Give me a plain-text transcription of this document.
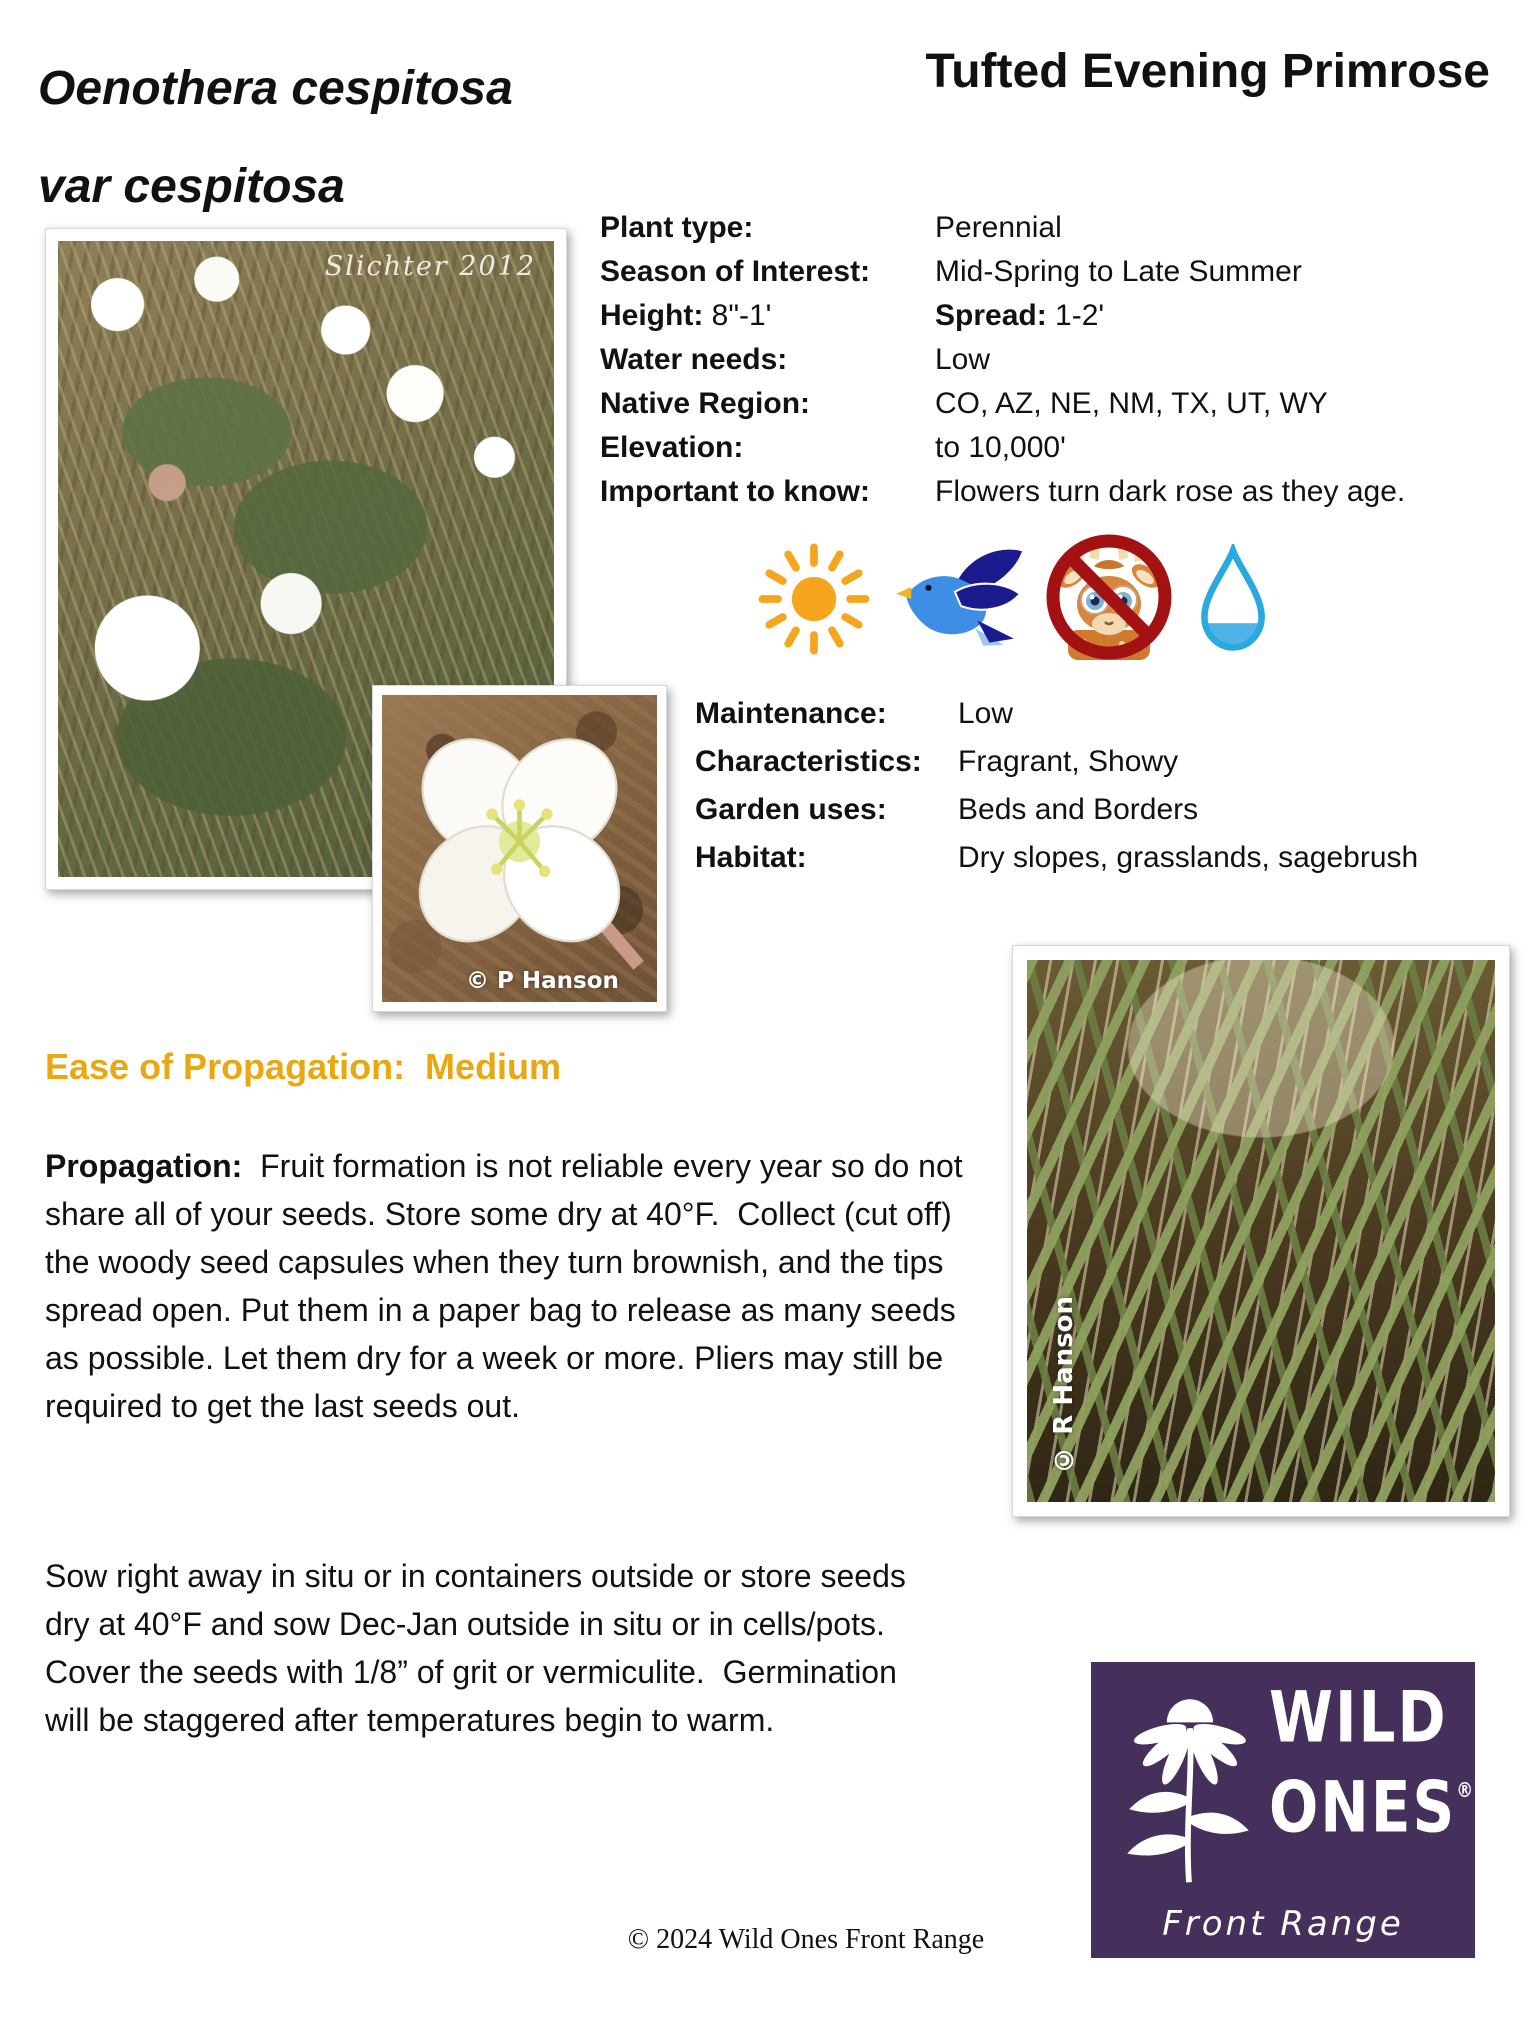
Oenothera cespitosa
var cespitosa
Tufted Evening Primrose
Slichter 2012
Plant type:	Perennial
Season of Interest:	Mid-Spring to Late Summer
Height: 8"-1'	Spread: 1-2'
Water needs:	Low
Native Region:	CO, AZ, NE, NM, TX, UT, WY
Elevation:	to 10,000'
Important to know:	Flowers turn dark rose as they age.
Maintenance:	Low
Characteristics:	Fragrant, Showy
Garden uses:	Beds and Borders
Habitat:	Dry slopes, grasslands, sagebrush
© P Hanson
Ease of Propagation:  Medium
Propagation:  Fruit formation is not reliable every year so do not share all of your seeds. Store some dry at 40°F.  Collect (cut off) the woody seed capsules when they turn brownish, and the tips spread open. Put them in a paper bag to release as many seeds as possible. Let them dry for a week or more. Pliers may still be required to get the last seeds out.
Sow right away in situ or in containers outside or store seeds dry at 40°F and sow Dec-Jan outside in situ or in cells/pots. Cover the seeds with 1/8” of grit or vermiculite.  Germination will be staggered after temperatures begin to warm.
© R Hanson
WILD
ONES®
Front Range
© 2024 Wild Ones Front Range
